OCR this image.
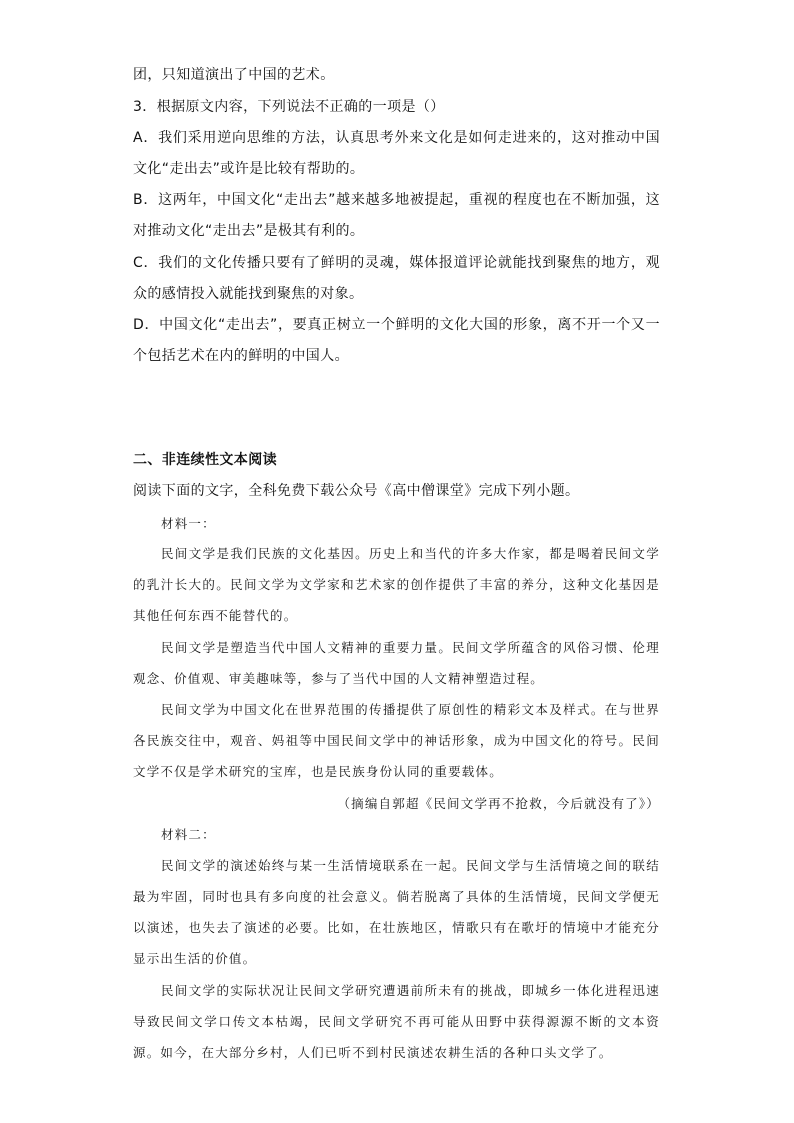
团，只知道演出了中国的艺术。

3．根据原文内容，下列说法不正确的一项是（）

A．我们采用逆向思维的方法，认真思考外来文化是如何走进来的，这对推动中国文化“走出去”或许是比较有帮助的。

B．这两年，中国文化“走出去”越来越多地被提起，重视的程度也在不断加强，这对推动文化“走出去”是极其有利的。

C．我们的文化传播只要有了鲜明的灵魂，媒体报道评论就能找到聚焦的地方，观众的感情投入就能找到聚焦的对象。

D．中国文化“走出去”，要真正树立一个鲜明的文化大国的形象，离不开一个又一个包括艺术在内的鲜明的中国人。

二、非连续性文本阅读

阅读下面的文字，全科免费下载公众号《高中僧课堂》完成下列小题。

材料一：

民间文学是我们民族的文化基因。历史上和当代的许多大作家，都是喝着民间文学的乳汁长大的。民间文学为文学家和艺术家的创作提供了丰富的养分，这种文化基因是其他任何东西不能替代的。

民间文学是塑造当代中国人文精神的重要力量。民间文学所蕴含的风俗习惯、伦理观念、价值观、审美趣味等，参与了当代中国的人文精神塑造过程。

民间文学为中国文化在世界范围的传播提供了原创性的精彩文本及样式。在与世界各民族交往中，观音、妈祖等中国民间文学中的神话形象，成为中国文化的符号。民间文学不仅是学术研究的宝库，也是民族身份认同的重要载体。

（摘编自郭超《民间文学再不抢救，今后就没有了》）

材料二：

民间文学的演述始终与某一生活情境联系在一起。民间文学与生活情境之间的联结最为牢固，同时也具有多向度的社会意义。倘若脱离了具体的生活情境，民间文学便无以演述，也失去了演述的必要。比如，在壮族地区，情歌只有在歌圩的情境中才能充分显示出生活的价值。

民间文学的实际状况让民间文学研究遭遇前所未有的挑战，即城乡一体化进程迅速导致民间文学口传文本枯竭，民间文学研究不再可能从田野中获得源源不断的文本资源。如今，在大部分乡村，人们已听不到村民演述农耕生活的各种口头文学了。
